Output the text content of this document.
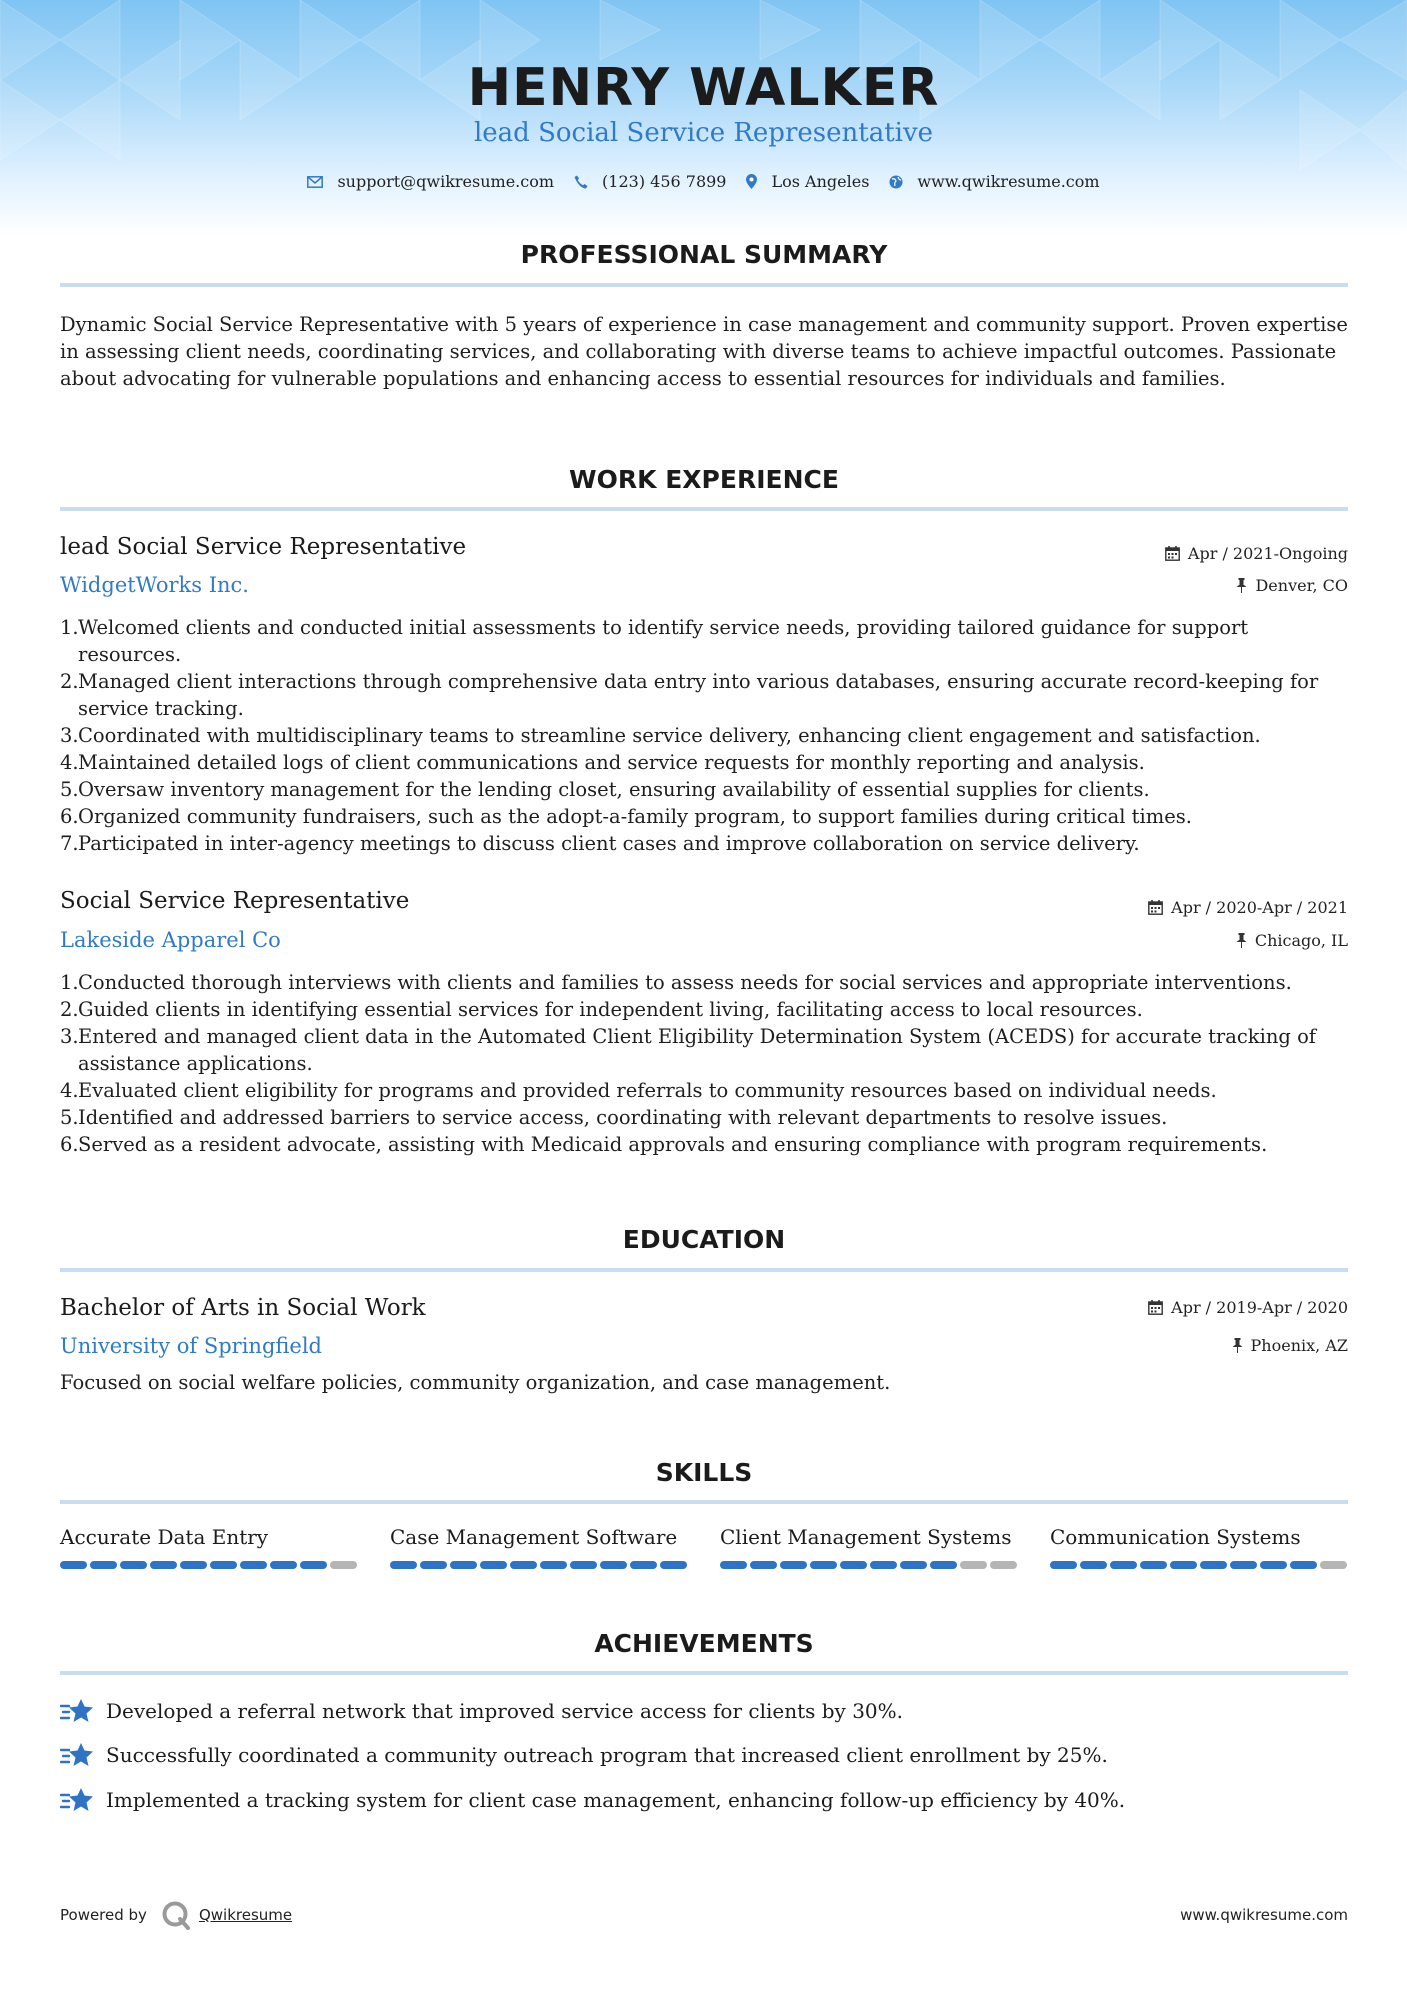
HENRY WALKER
lead Social Service Representative
support@qwikresume.com	(123) 456 7899	Los Angeles	www.qwikresume.com
PROFESSIONAL SUMMARY
Dynamic Social Service Representative with 5 years of experience in case management and community support. Proven expertise in assessing client needs, coordinating services, and collaborating with diverse teams to achieve impactful outcomes. Passionate about advocating for vulnerable populations and enhancing access to essential resources for individuals and families.
WORK EXPERIENCE
lead Social Service Representative	Apr / 2021-Ongoing
WidgetWorks Inc.	Denver, CO
1. Welcomed clients and conducted initial assessments to identify service needs, providing tailored guidance for support resources.
2. Managed client interactions through comprehensive data entry into various databases, ensuring accurate record-keeping for service tracking.
3. Coordinated with multidisciplinary teams to streamline service delivery, enhancing client engagement and satisfaction.
4. Maintained detailed logs of client communications and service requests for monthly reporting and analysis.
5. Oversaw inventory management for the lending closet, ensuring availability of essential supplies for clients.
6. Organized community fundraisers, such as the adopt-a-family program, to support families during critical times.
7. Participated in inter-agency meetings to discuss client cases and improve collaboration on service delivery.
Social Service Representative	Apr / 2020-Apr / 2021
Lakeside Apparel Co	Chicago, IL
1. Conducted thorough interviews with clients and families to assess needs for social services and appropriate interventions.
2. Guided clients in identifying essential services for independent living, facilitating access to local resources.
3. Entered and managed client data in the Automated Client Eligibility Determination System (ACEDS) for accurate tracking of assistance applications.
4. Evaluated client eligibility for programs and provided referrals to community resources based on individual needs.
5. Identified and addressed barriers to service access, coordinating with relevant departments to resolve issues.
6. Served as a resident advocate, assisting with Medicaid approvals and ensuring compliance with program requirements.
EDUCATION
Bachelor of Arts in Social Work	Apr / 2019-Apr / 2020
University of Springfield	Phoenix, AZ
Focused on social welfare policies, community organization, and case management.
SKILLS
Accurate Data Entry	Case Management Software	Client Management Systems	Communication Systems
ACHIEVEMENTS
Developed a referral network that improved service access for clients by 30%.
Successfully coordinated a community outreach program that increased client enrollment by 25%.
Implemented a tracking system for client case management, enhancing follow-up efficiency by 40%.
Powered by	Qwikresume	www.qwikresume.com
